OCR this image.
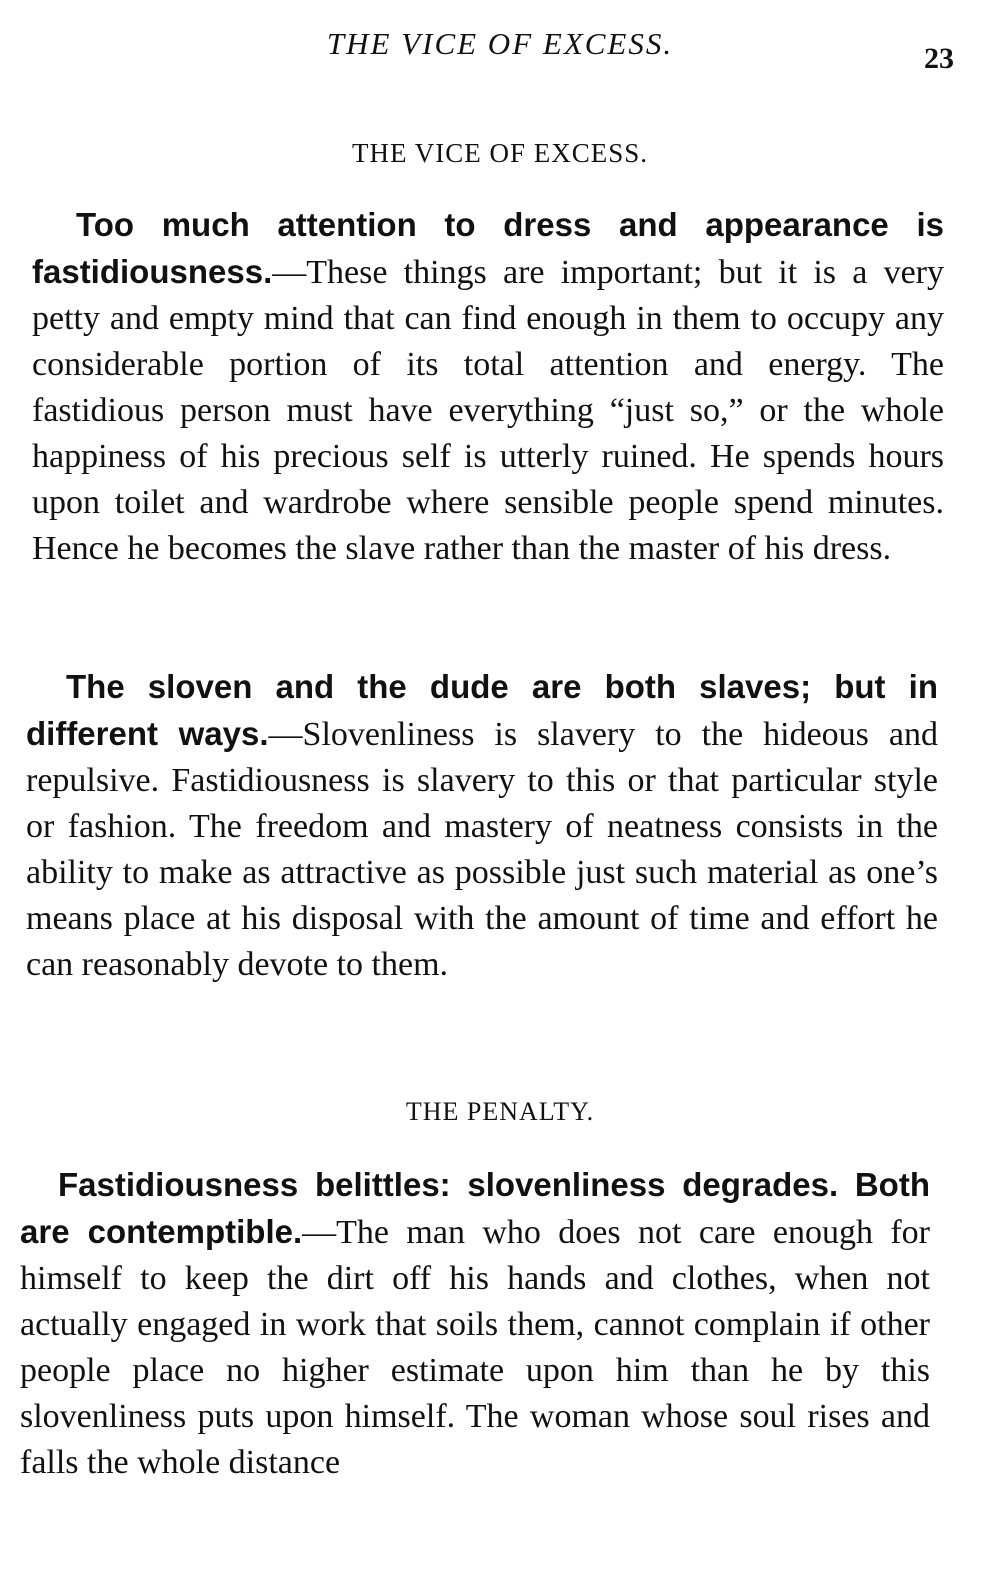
THE VICE OF EXCESS.	23
THE VICE OF EXCESS.

Too much attention to dress and appearance is fastidiousness.—These things are important; but it is a very petty and empty mind that can find enough in them to occupy any considerable portion of its total attention and energy. The fastidious person must have everything “just so,” or the whole happiness of his precious self is utterly ruined. He spends hours upon toilet and wardrobe where sensible people spend minutes. Hence he becomes the slave rather than the master of his dress.

The sloven and the dude are both slaves; but in different ways.—Slovenliness is slavery to the hideous and repulsive. Fastidiousness is slavery to this or that particular style or fashion. The freedom and mastery of neatness consists in the ability to make as attractive as possible just such material as one’s means place at his disposal with the amount of time and effort he can reasonably devote to them.

THE PENALTY.

Fastidiousness belittles: slovenliness degrades. Both are contemptible.—The man who does not care enough for himself to keep the dirt off his hands and clothes, when not actually engaged in work that soils them, cannot complain if other people place no higher estimate upon him than he by this slovenliness puts upon himself. The woman whose soul rises and falls the whole distance
